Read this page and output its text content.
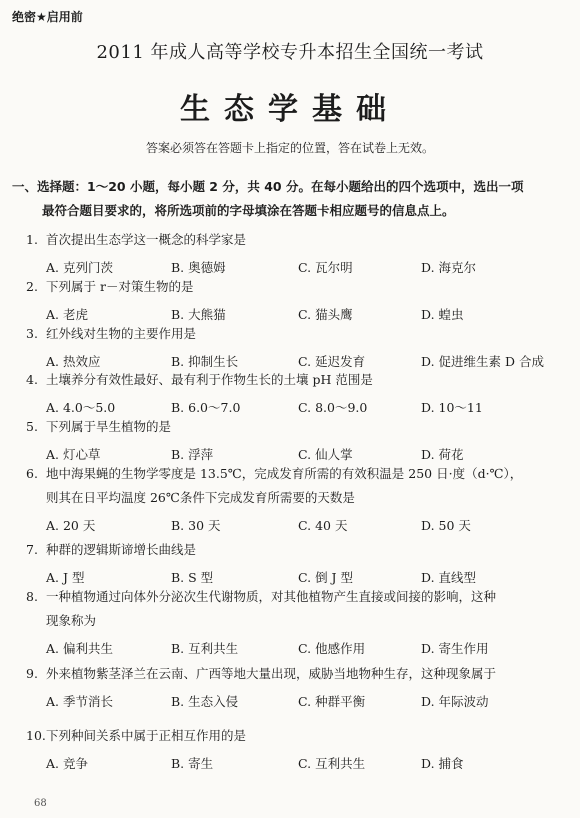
绝密★启用前
2011 年成人高等学校专升本招生全国统一考试
生态学基础
答案必须答在答题卡上指定的位置，答在试卷上无效。
一、选择题：1～20 小题，每小题 2 分，共 40 分。在每小题给出的四个选项中，选出一项
最符合题目要求的，将所选项前的字母填涂在答题卡相应题号的信息点上。
1. 首次提出生态学这一概念的科学家是
A. 克列门茨	B. 奥德姆	C. 瓦尔明	D. 海克尔
2. 下列属于 r－对策生物的是
A. 老虎	B. 大熊猫	C. 猫头鹰	D. 蝗虫
3. 红外线对生物的主要作用是
A. 热效应	B. 抑制生长	C. 延迟发育	D. 促进维生素 D 合成
4. 土壤养分有效性最好、最有利于作物生长的土壤 pH 范围是
A. 4.0～5.0	B. 6.0～7.0	C. 8.0～9.0	D. 10～11
5. 下列属于旱生植物的是
A. 灯心草	B. 浮萍	C. 仙人掌	D. 荷花
6. 地中海果蝇的生物学零度是 13.5℃，完成发育所需的有效积温是 250 日·度（d·℃），
则其在日平均温度 26℃条件下完成发育所需要的天数是
A. 20 天	B. 30 天	C. 40 天	D. 50 天
7. 种群的逻辑斯谛增长曲线是
A. J 型	B. S 型	C. 倒 J 型	D. 直线型
8. 一种植物通过向体外分泌次生代谢物质，对其他植物产生直接或间接的影响，这种
现象称为
A. 偏利共生	B. 互利共生	C. 他感作用	D. 寄生作用
9. 外来植物紫茎泽兰在云南、广西等地大量出现，威胁当地物种生存，这种现象属于
A. 季节消长	B. 生态入侵	C. 种群平衡	D. 年际波动
10.下列种间关系中属于正相互作用的是
A. 竞争	B. 寄生	C. 互利共生	D. 捕食
68
